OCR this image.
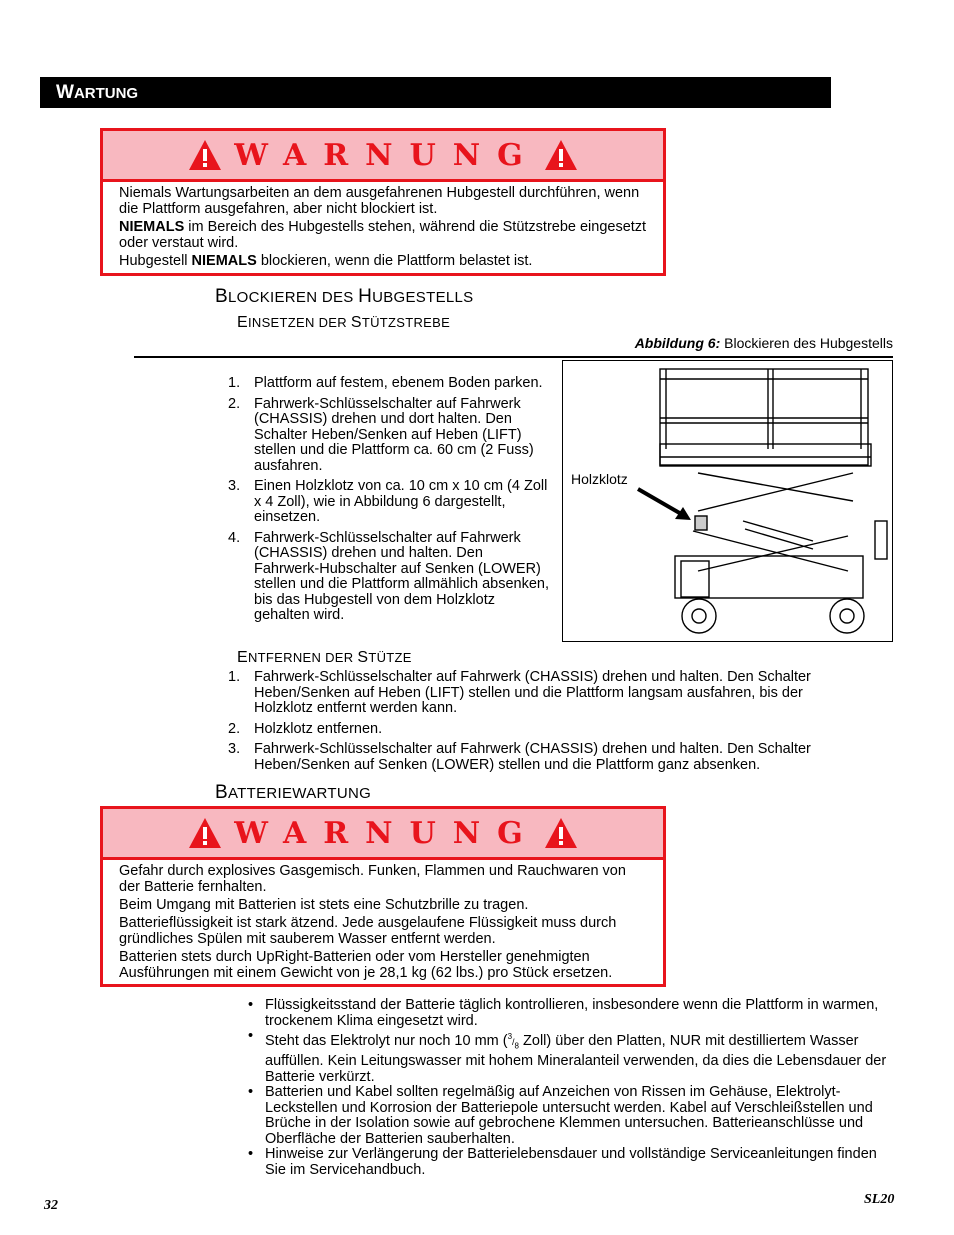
WARTUNG
WARNUNG

Niemals Wartungsarbeiten an dem ausgefahrenen Hubgestell durchführen, wenn die Plattform ausgefahren, aber nicht blockiert ist.

NIEMALS im Bereich des Hubgestells stehen, während die Stützstrebe eingesetzt oder verstaut wird.

Hubgestell NIEMALS blockieren, wenn die Plattform belastet ist.

BLOCKIEREN DES HUBGESTELLS
EINSETZEN DER STÜTZSTREBE
Abbildung 6: Blockieren des Hubgestells
1. Plattform auf festem, ebenem Boden parken.
2. Fahrwerk-Schlüsselschalter auf Fahrwerk (CHASSIS) drehen und dort halten. Den Schalter Heben/Senken auf Heben (LIFT) stellen und die Plattform ca. 60 cm (2 Fuss) ausfahren.
3. Einen Holzklotz von ca. 10 cm x 10 cm (4 Zoll x 4 Zoll), wie in Abbildung 6 dargestellt, einsetzen.
4. Fahrwerk-Schlüsselschalter auf Fahrwerk (CHASSIS) drehen und halten. Den Fahrwerk-Hubschalter auf Senken (LOWER) stellen und die Plattform allmählich absenken, bis das Hubgestell von dem Holzklotz gehalten wird.
Holzklotz
ENTFERNEN DER STÜTZE
1. Fahrwerk-Schlüsselschalter auf Fahrwerk (CHASSIS) drehen und halten. Den Schalter Heben/Senken auf Heben (LIFT) stellen und die Plattform langsam ausfahren, bis der Holzklotz entfernt werden kann.
2. Holzklotz entfernen.
3. Fahrwerk-Schlüsselschalter auf Fahrwerk (CHASSIS) drehen und halten. Den Schalter Heben/Senken auf Senken (LOWER) stellen und die Plattform ganz absenken.
BATTERIEWARTUNG
WARNUNG

Gefahr durch explosives Gasgemisch. Funken, Flammen und Rauchwaren von der Batterie fernhalten.

Beim Umgang mit Batterien ist stets eine Schutzbrille zu tragen.

Batterieflüssigkeit ist stark ätzend. Jede ausgelaufene Flüssigkeit muss durch gründliches Spülen mit sauberem Wasser entfernt werden.

Batterien stets durch UpRight-Batterien oder vom Hersteller genehmigten Ausführungen mit einem Gewicht von je 28,1 kg (62 lbs.) pro Stück ersetzen.

• Flüssigkeitsstand der Batterie täglich kontrollieren, insbesondere wenn die Plattform in warmen, trockenem Klima eingesetzt wird.
• Steht das Elektrolyt nur noch 10 mm ($^3/_8$ Zoll) über den Platten, NUR mit destilliertem Wasser auffüllen. Kein Leitungswasser mit hohem Mineralanteil verwenden, da dies die Lebensdauer der Batterie verkürzt.
• Batterien und Kabel sollten regelmäßig auf Anzeichen von Rissen im Gehäuse, Elektrolyt-Leckstellen und Korrosion der Batteriepole untersucht werden. Kabel auf Verschleißstellen und Brüche in der Isolation sowie auf gebrochene Klemmen untersuchen. Batterieanschlüsse und Oberfläche der Batterien sauberhalten.
• Hinweise zur Verlängerung der Batterielebensdauer und vollständige Serviceanleitungen finden Sie im Servicehandbuch.
32	SL20
